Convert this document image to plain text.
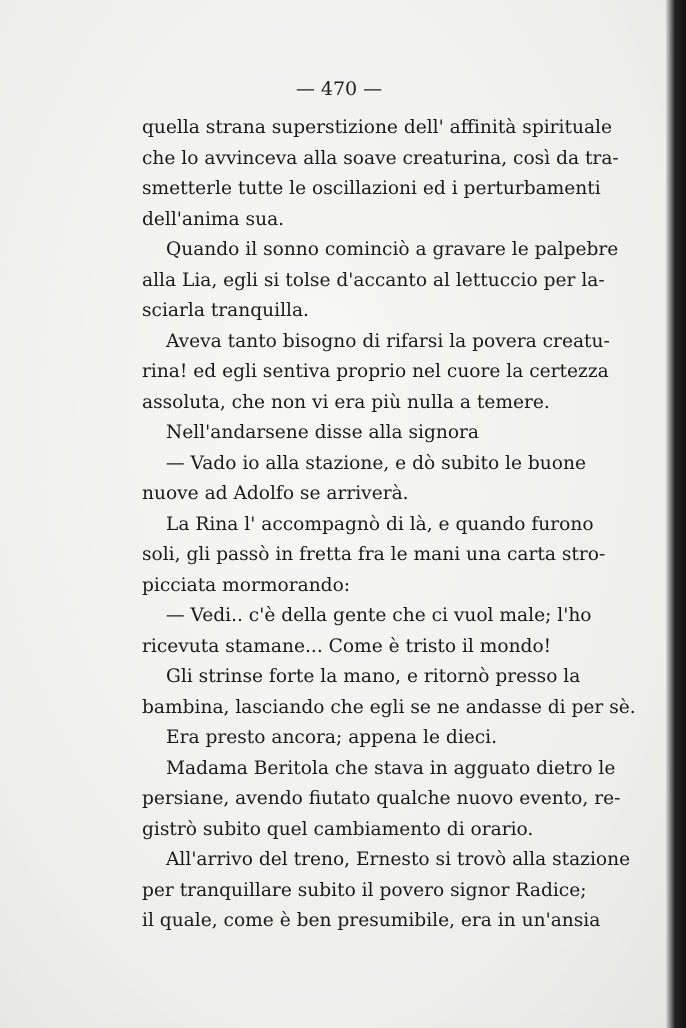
— 470 —
quella strana superstizione dell' affinità spirituale
che lo avvinceva alla soave creaturina, così da tra-
smetterle tutte le oscillazioni ed i perturbamenti
dell'anima sua.
Quando il sonno cominciò a gravare le palpebre
alla Lia, egli si tolse d'accanto al lettuccio per la-
sciarla tranquilla.
Aveva tanto bisogno di rifarsi la povera creatu-
rina! ed egli sentiva proprio nel cuore la certezza
assoluta, che non vi era più nulla a temere.
Nell'andarsene disse alla signora
— Vado io alla stazione, e dò subito le buone
nuove ad Adolfo se arriverà.
La Rina l' accompagnò di là, e quando furono
soli, gli passò in fretta fra le mani una carta stro-
picciata mormorando:
— Vedi.. c'è della gente che ci vuol male; l'ho
ricevuta stamane... Come è tristo il mondo!
Gli strinse forte la mano, e ritornò presso la
bambina, lasciando che egli se ne andasse di per sè.
Era presto ancora; appena le dieci.
Madama Beritola che stava in agguato dietro le
persiane, avendo fiutato qualche nuovo evento, re-
gistrò subito quel cambiamento di orario.
All'arrivo del treno, Ernesto si trovò alla stazione
per tranquillare subito il povero signor Radice;
il quale, come è ben presumibile, era in un'ansia
